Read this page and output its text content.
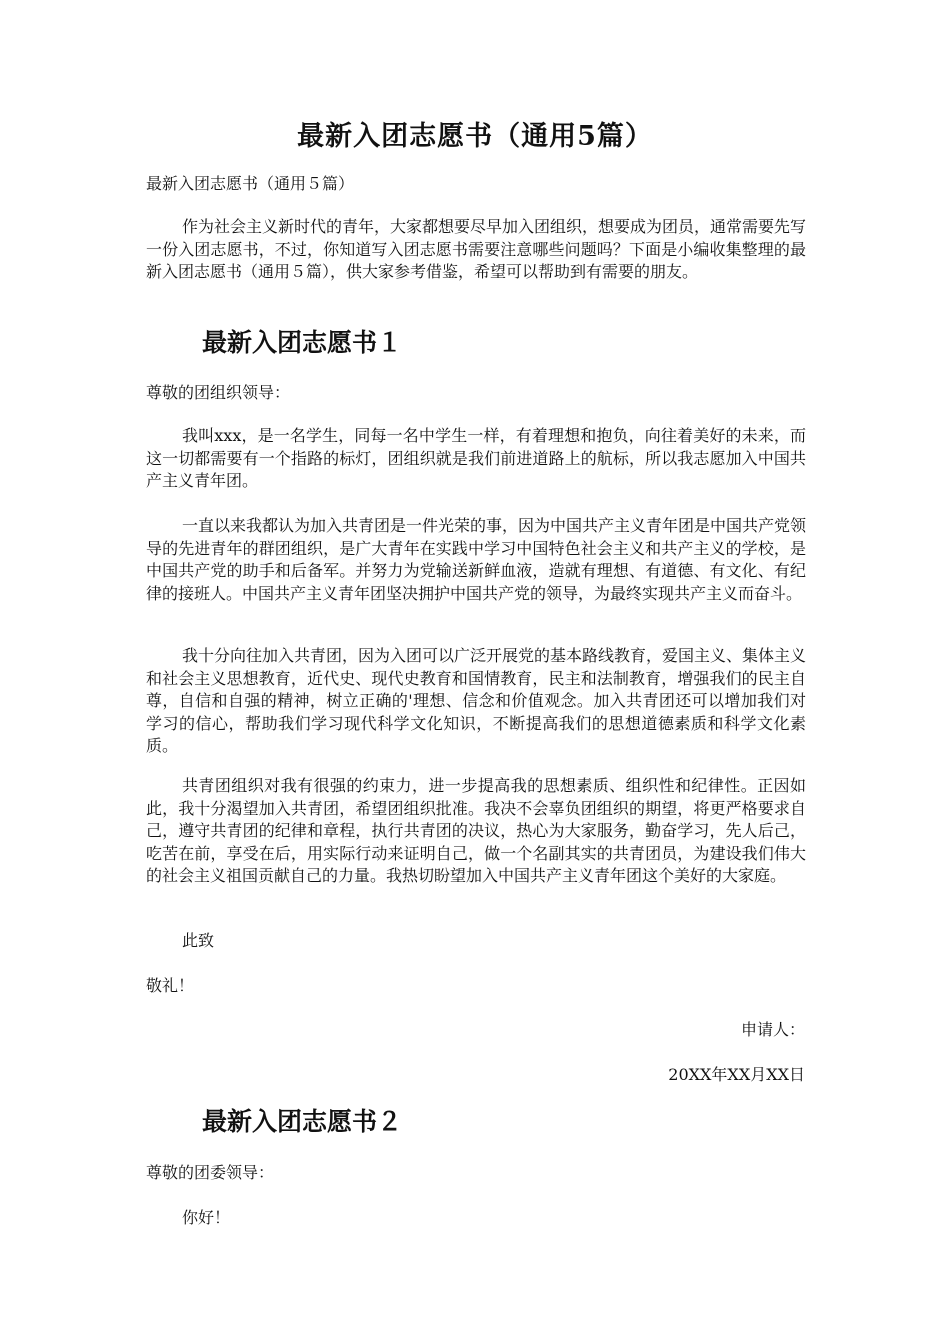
最新入团志愿书（通用5篇）

最新入团志愿书（通用５篇）

作为社会主义新时代的青年，大家都想要尽早加入团组织，想要成为团员，通常需要先写一份入团志愿书，不过，你知道写入团志愿书需要注意哪些问题吗？下面是小编收集整理的最新入团志愿书（通用５篇），供大家参考借鉴，希望可以帮助到有需要的朋友。

最新入团志愿书１

尊敬的团组织领导：

我叫xxx，是一名学生，同每一名中学生一样，有着理想和抱负，向往着美好的未来，而这一切都需要有一个指路的标灯，团组织就是我们前进道路上的航标，所以我志愿加入中国共产主义青年团。

一直以来我都认为加入共青团是一件光荣的事，因为中国共产主义青年团是中国共产党领导的先进青年的群团组织，是广大青年在实践中学习中国特色社会主义和共产主义的学校，是中国共产党的助手和后备军。并努力为党输送新鲜血液，造就有理想、有道德、有文化、有纪律的接班人。中国共产主义青年团坚决拥护中国共产党的领导，为最终实现共产主义而奋斗。

我十分向往加入共青团，因为入团可以广泛开展党的基本路线教育，爱国主义、集体主义和社会主义思想教育，近代史、现代史教育和国情教育，民主和法制教育，增强我们的民主自尊，自信和自强的精神，树立正确的'理想、信念和价值观念。加入共青团还可以增加我们对学习的信心，帮助我们学习现代科学文化知识，不断提高我们的思想道德素质和科学文化素质。

共青团组织对我有很强的约束力，进一步提高我的思想素质、组织性和纪律性。正因如此，我十分渴望加入共青团，希望团组织批准。我决不会辜负团组织的期望，将更严格要求自己，遵守共青团的纪律和章程，执行共青团的决议，热心为大家服务，勤奋学习，先人后己，吃苦在前，享受在后，用实际行动来证明自己，做一个名副其实的共青团员，为建设我们伟大的社会主义祖国贡献自己的力量。我热切盼望加入中国共产主义青年团这个美好的大家庭。

此致

敬礼！

申请人：

20XX年XX月XX日

最新入团志愿书２

尊敬的团委领导：

你好！
